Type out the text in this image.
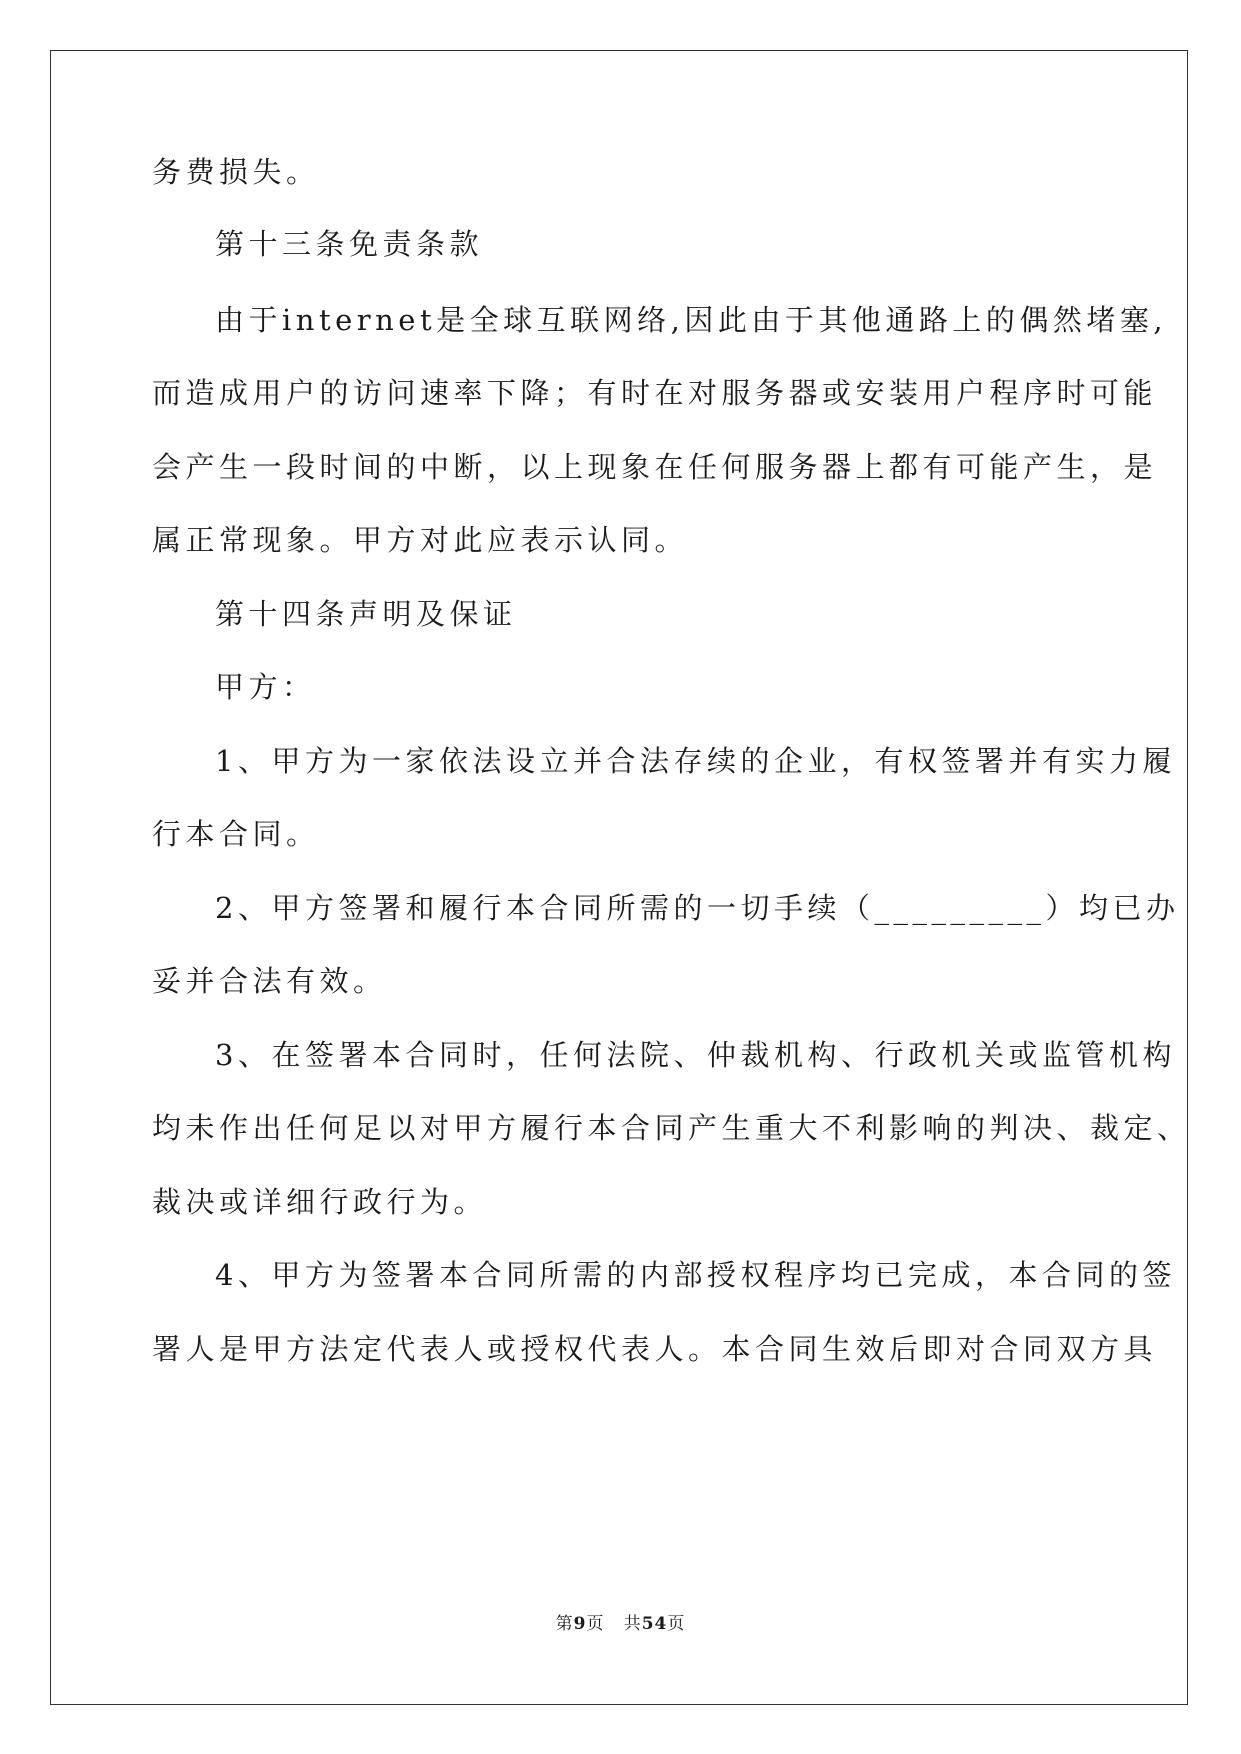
务费损失。
第十三条免责条款
由于internet是全球互联网络,因此由于其他通路上的偶然堵塞,
而造成用户的访问速率下降；有时在对服务器或安装用户程序时可能
会产生一段时间的中断，以上现象在任何服务器上都有可能产生，是
属正常现象。甲方对此应表示认同。
第十四条声明及保证
甲方：
1、甲方为一家依法设立并合法存续的企业，有权签署并有实力履
行本合同。
2、甲方签署和履行本合同所需的一切手续（_________）均已办
妥并合法有效。
3、在签署本合同时，任何法院、仲裁机构、行政机关或监管机构
均未作出任何足以对甲方履行本合同产生重大不利影响的判决、裁定、
裁决或详细行政行为。
4、甲方为签署本合同所需的内部授权程序均已完成，本合同的签
署人是甲方法定代表人或授权代表人。本合同生效后即对合同双方具
第9页 共54页
